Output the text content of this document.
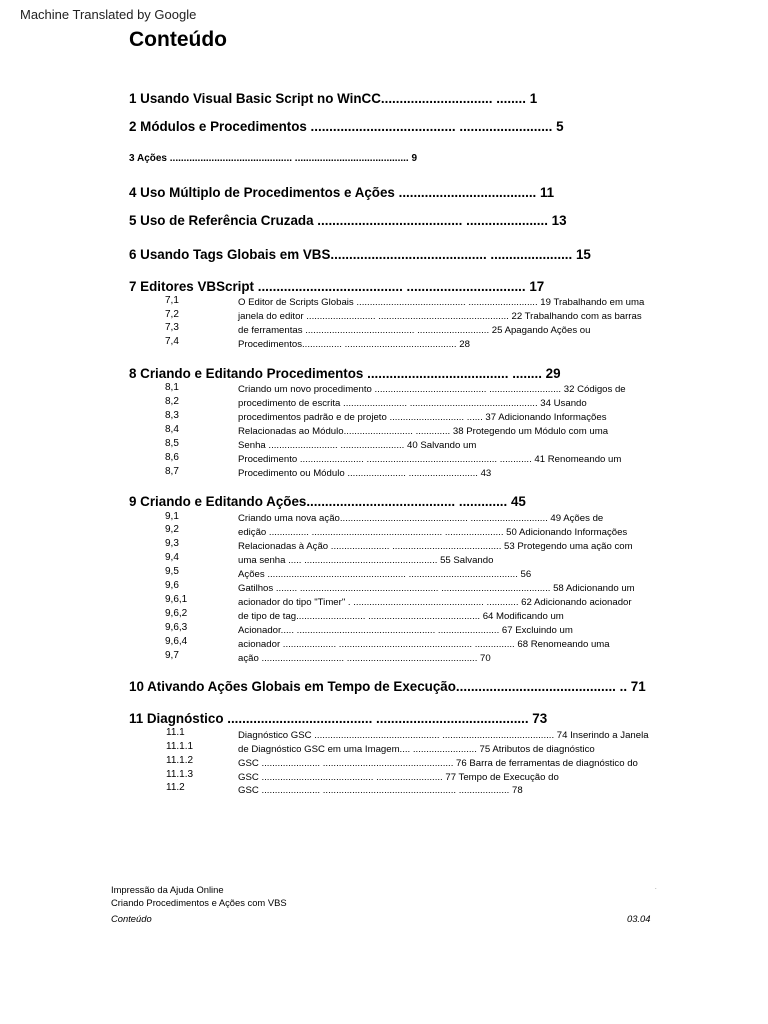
Machine Translated by Google
Conteúdo
1 Usando Visual Basic Script no WinCC.............................. ........ 1
2 Módulos e Procedimentos ....................................... ......................... 5
3 Ações ............................................ ......................................... 9
4 Uso Múltiplo de Procedimentos e Ações ..................................... 11
5 Uso de Referência Cruzada ....................................... ...................... 13
6 Usando Tags Globais em VBS.......................................... ...................... 15
7 Editores VBScript ....................................... ................................ 17
7,1
7,2
7,3
7,4
O Editor de Scripts Globais ......................................... .......................... 19 Trabalhando em uma
janela do editor .......................... ................................................. 22 Trabalhando com as barras
de ferramentas ......................................... ........................... 25 Apagando Ações ou
Procedimentos............... .......................................... 28
8 Criando e Editando Procedimentos ...................................... ........ 29
8,1
8,2
8,3
8,4
8,5
8,6
8,7
Criando um novo procedimento .......................................... ........................... 32 Códigos de
procedimento de escrita ........................ ................................................ 34 Usando
procedimentos padrão e de projeto ............................ ...... 37 Adicionando Informações
Relacionadas ao Módulo.......................... ............. 38 Protegendo um Módulo com uma
Senha .......................... ........................ 40 Salvando um
Procedimento ........................ ................................................. ............ 41 Renomeando um
Procedimento ou Módulo ...................... .......................... 43
9 Criando e Editando Ações........................................ ............. 45
9,1
9,2
9,3
9,4
9,5
9,6
9,6,1
9,6,2
9,6,3
9,6,4
9,7
Criando uma nova ação................................................ ............................. 49 Ações de
edição ............... ................................................. ...................... 50 Adicionando Informações
Relacionadas à Ação ...................... ......................................... 53 Protegendo uma ação com
uma senha ..... .................................................. 55 Salvando
Ações .................................................... ......................................... 56
Gatilhos ........ .................................................... ......................................... 58 Adicionando um
acionador do tipo "Timer" . ................................................. ............ 62 Adicionando acionador
de tipo de tag.......................... .......................................... 64 Modificando um
Acionador..... .................................................... ....................... 67 Excluindo um
acionador .................... .................................................. ............... 68 Renomeando uma
ação ............................... ................................................. 70
10 Ativando Ações Globais em Tempo de Execução........................................... .. 71
11 Diagnóstico ....................................... ......................................... 73
11.1
11.1.1
11.1.2
11.1.3
11.2
Diagnóstico GSC ............................................... .......................................... 74 Inserindo a Janela
de Diagnóstico GSC em uma Imagem.... ........................ 75 Atributos de diagnóstico
GSC ...................... ................................................. 76 Barra de ferramentas de diagnóstico do
GSC .......................................... ......................... 77 Tempo de Execução do
GSC ...................... .................................................. ................... 78
Impressão da Ajuda Online
Criando Procedimentos e Ações com VBS
Conteúdo	03.04
.
